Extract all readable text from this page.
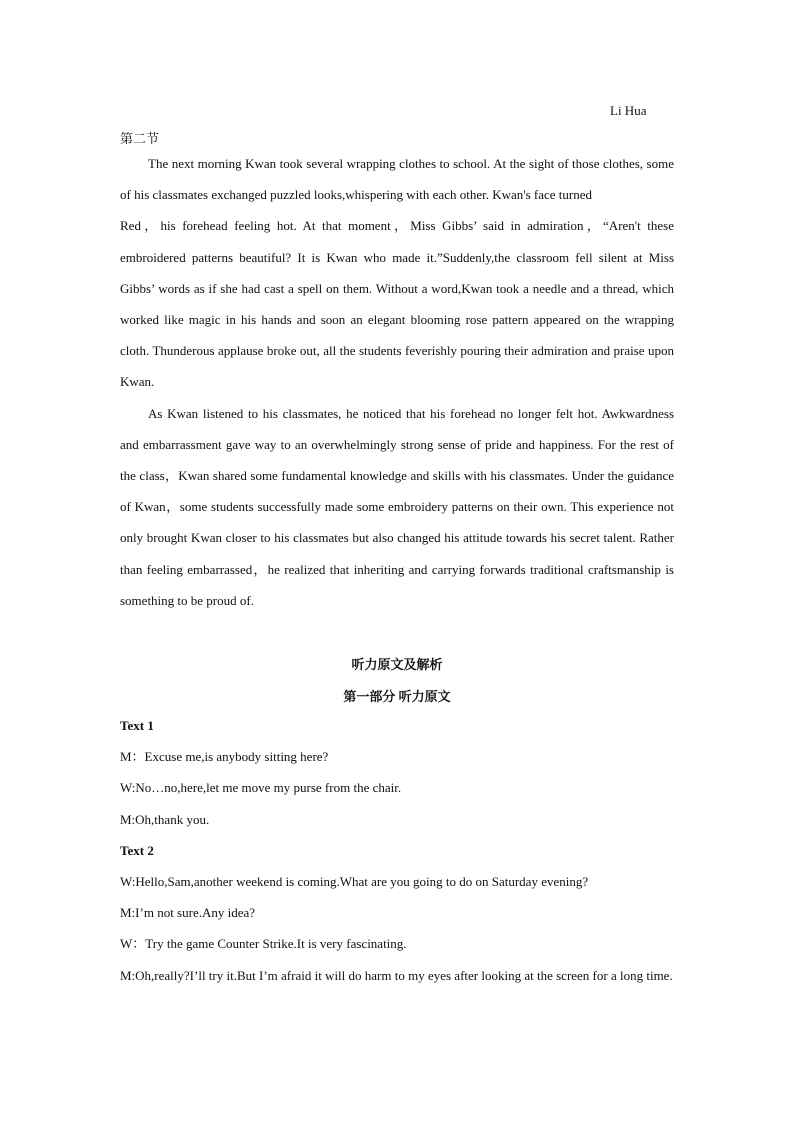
Li Hua
第二节

The next morning Kwan took several wrapping clothes to school. At the sight of those clothes, some of his classmates exchanged puzzled looks,whispering with each other. Kwan's face turned

Red，his forehead feeling hot. At that moment，Miss Gibbs’ said in admiration，“Aren't these embroidered patterns beautiful? It is Kwan who made it.”Suddenly,the classroom fell silent at Miss Gibbs’ words as if she had cast a spell on them. Without a word,Kwan took a needle and a thread, which worked like magic in his hands and soon an elegant blooming rose pattern appeared on the wrapping cloth. Thunderous applause broke out, all the students feverishly pouring their admiration and praise upon Kwan.

As Kwan listened to his classmates, he noticed that his forehead no longer felt hot. Awkwardness and embarrassment gave way to an overwhelmingly strong sense of pride and happiness. For the rest of the class，Kwan shared some fundamental knowledge and skills with his classmates. Under the guidance of Kwan，some students successfully made some embroidery patterns on their own. This experience not only brought Kwan closer to his classmates but also changed his attitude towards his secret talent. Rather than feeling embarrassed，he realized that inheriting and carrying forwards traditional craftsmanship is something to be proud of.

听力原文及解析
第一部分 听力原文

Text 1

M：Excuse me,is anybody sitting here?

W:No…no,here,let me move my purse from the chair.

M:Oh,thank you.

Text 2

W:Hello,Sam,another weekend is coming.What are you going to do on Saturday evening?

M:I’m not sure.Any idea?

W：Try the game Counter Strike.It is very fascinating.

M:Oh,really?I’ll try it.But I’m afraid it will do harm to my eyes after looking at the screen for a long time.
